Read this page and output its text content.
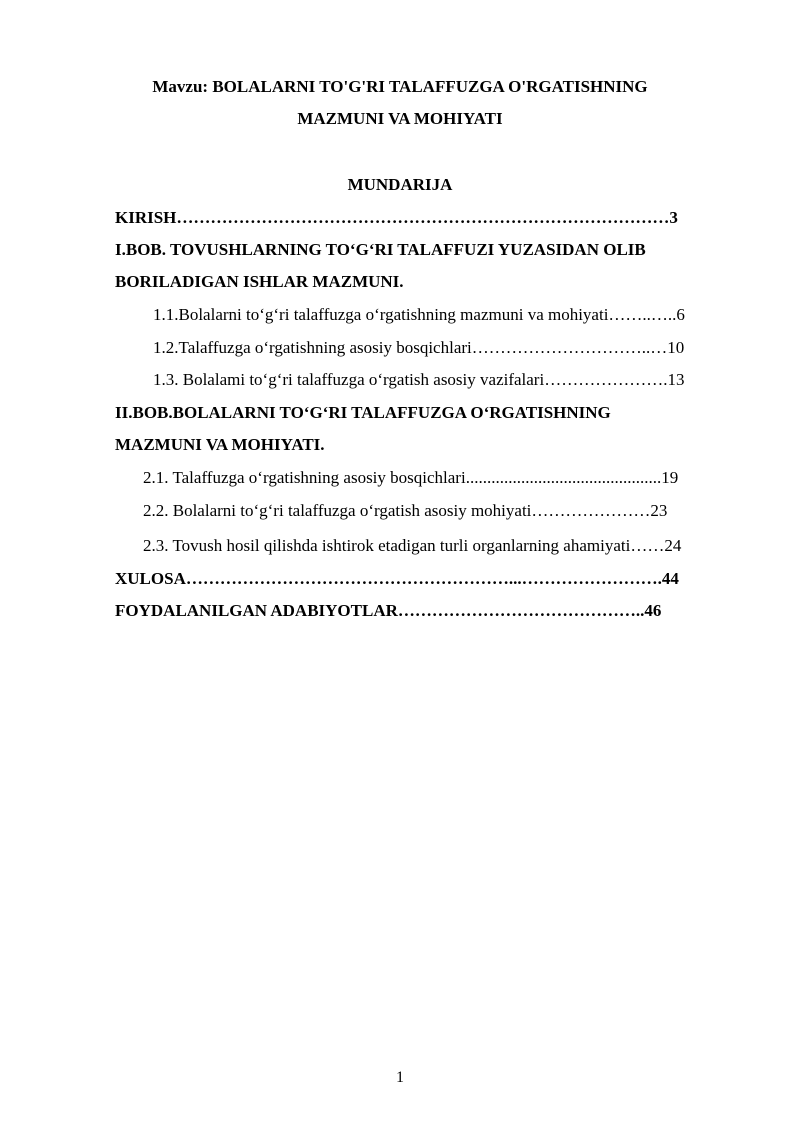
Mavzu: BOLALARNI TO'G'RI TALAFFUZGA O'RGATISHNING
MAZMUNI VA MOHIYATI
MUNDARIJA
KIRISH……………………………………………………………………………3
I.BOB. TOVUSHLARNING TO‘G‘RI TALAFFUZI YUZASIDAN OLIB
BORILADIGAN ISHLAR MAZMUNI.
1.1.Bolalarni to‘g‘ri talaffuzga o‘rgatishning mazmuni va mohiyati……..…..6
1.2.Talaffuzga o‘rgatishning asosiy bosqichlari…………………………..…10
1.3. Bolalami to‘g‘ri talaffuzga o‘rgatish asosiy vazifalari………………….13
II.BOB.BOLALARNI TO‘G‘RI TALAFFUZGA O‘RGATISHNING
MAZMUNI VA MOHIYATI.
2.1. Talaffuzga o‘rgatishning asosiy bosqichlari..............................................19
2.2. Bolalarni to‘g‘ri talaffuzga o‘rgatish asosiy mohiyati…………………23
2.3. Tovush hosil qilishda ishtirok etadigan turli organlarning ahamiyati……24
XULOSA…………………………………………………...…………………….44
FOYDALANILGAN ADABIYOTLAR……………………………………..46
1
